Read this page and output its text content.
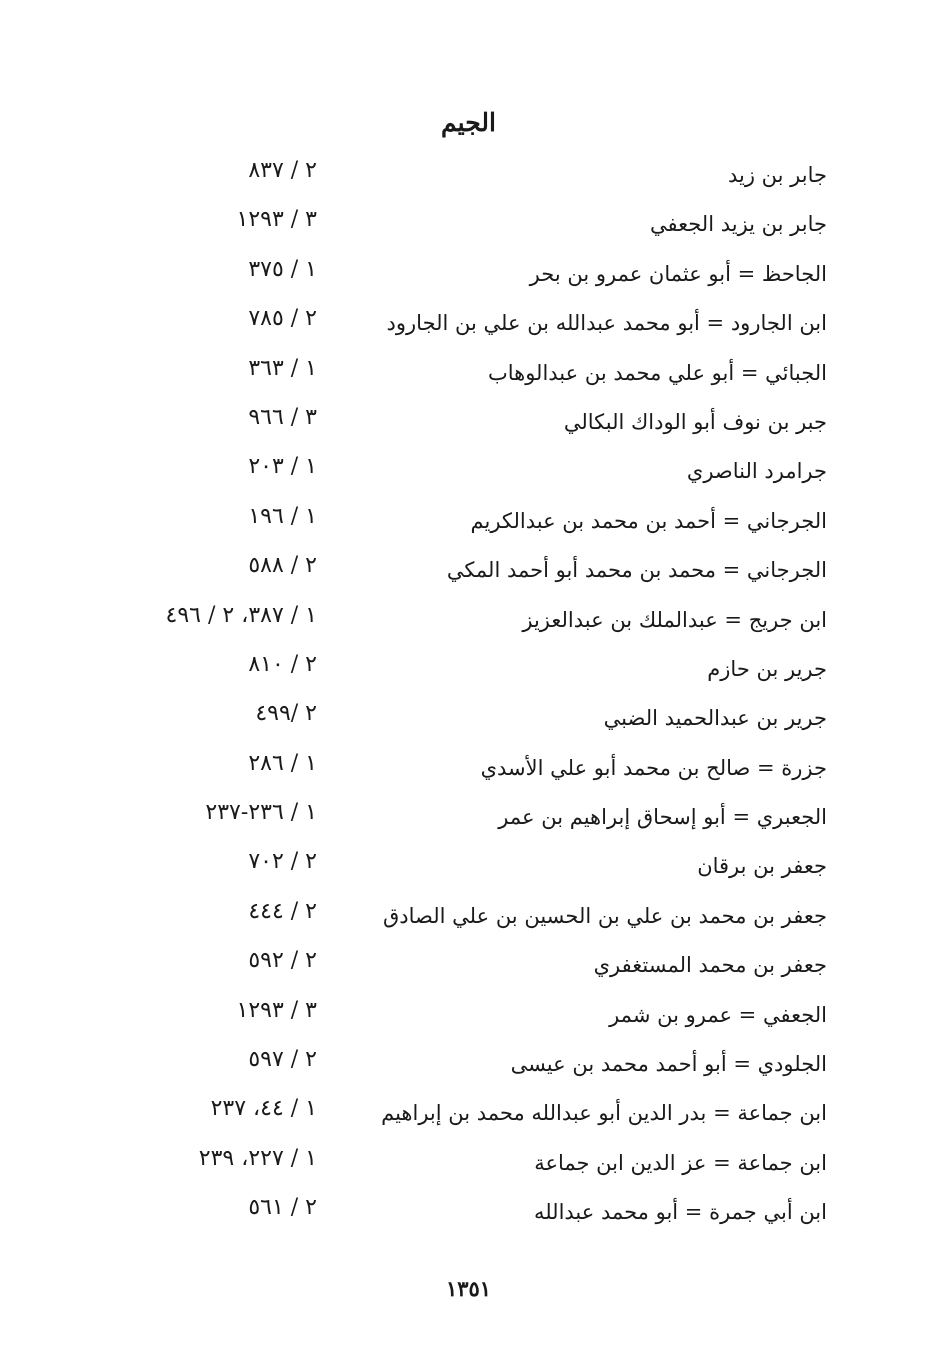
الجيم
جابر بن زيد
٢ / ٨٣٧
جابر بن يزيد الجعفي
٣ / ١٢٩٣
الجاحظ = أبو عثمان عمرو بن بحر
١ / ٣٧٥
ابن الجارود = أبو محمد عبدالله بن علي بن الجارود
٢ / ٧٨٥
الجبائي = أبو علي محمد بن عبدالوهاب
١ / ٣٦٣
جبر بن نوف أبو الوداك البكالي
٣ / ٩٦٦
جرامرد الناصري
١ / ٢٠٣
الجرجاني = أحمد بن محمد بن عبدالكريم
١ / ١٩٦
الجرجاني = محمد بن محمد أبو أحمد المكي
٢ / ٥٨٨
ابن جريج = عبدالملك بن عبدالعزيز
١ / ٣٨٧، ٢ / ٤٩٦
جرير بن حازم
٢ / ٨١٠
جرير بن عبدالحميد الضبي
٢ /٤٩٩
جزرة = صالح بن محمد أبو علي الأسدي
١ / ٢٨٦
الجعبري = أبو إسحاق إبراهيم بن عمر
١ / ٢٣٦-٢٣٧
جعفر بن برقان
٢ / ٧٠٢
جعفر بن محمد بن علي بن الحسين بن علي الصادق
٢ / ٤٤٤
جعفر بن محمد المستغفري
٢ / ٥٩٢
الجعفي = عمرو بن شمر
٣ / ١٢٩٣
الجلودي = أبو أحمد محمد بن عيسى
٢ / ٥٩٧
ابن جماعة = بدر الدين أبو عبدالله محمد بن إبراهيم
١ / ٤٤، ٢٣٧
ابن جماعة = عز الدين ابن جماعة
١ / ٢٢٧، ٢٣٩
ابن أبي جمرة = أبو محمد عبدالله
٢ / ٥٦١
١٣٥١
